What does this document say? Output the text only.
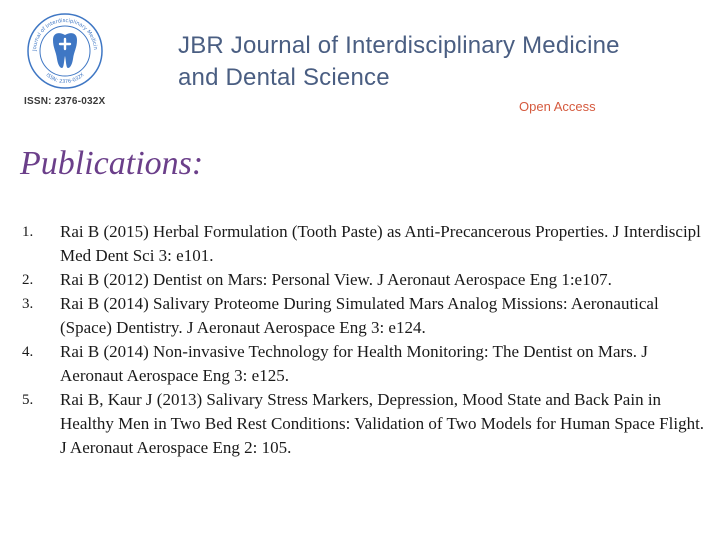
Journal of Interdisciplinary Medicin
ISSN: 2376-032X
ISSN: 2376-032X
JBR Journal of Interdisciplinary Medicine
and Dental Science
Open Access
Publications:
1.	Rai B (2015) Herbal Formulation (Tooth Paste) as Anti-Precancerous Properties. J Interdiscipl Med Dent Sci 3: e101.
2.	Rai B (2012) Dentist on Mars: Personal View. J Aeronaut Aerospace Eng 1:e107.
3.	Rai B (2014) Salivary Proteome During Simulated Mars Analog Missions: Aeronautical (Space) Dentistry. J Aeronaut Aerospace Eng 3: e124.
4.	Rai B (2014) Non-invasive Technology for Health Monitoring: The Dentist on Mars. J Aeronaut Aerospace Eng 3: e125.
5.	Rai B, Kaur J (2013) Salivary Stress Markers, Depression, Mood State and Back Pain in Healthy Men in Two Bed Rest Conditions: Validation of Two Models for Human Space Flight. J Aeronaut Aerospace Eng 2: 105.
